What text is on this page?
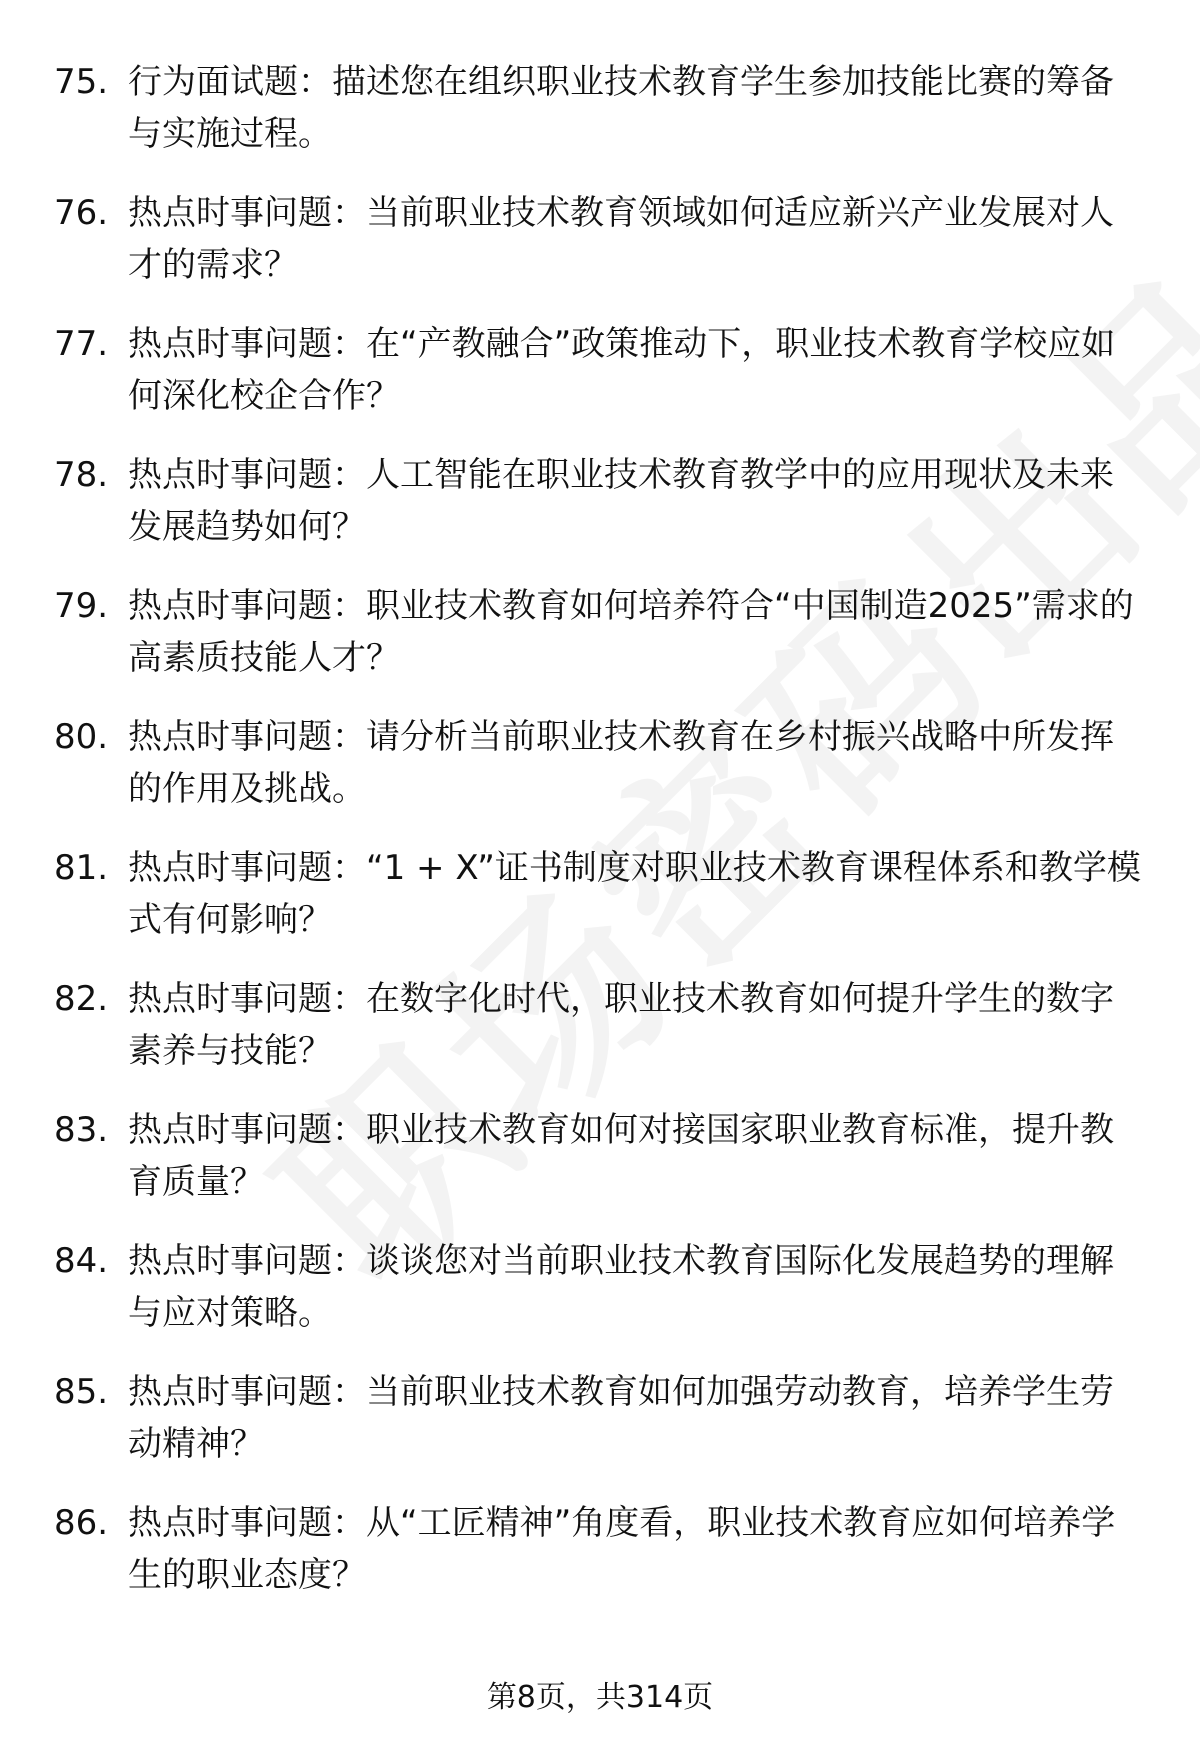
75. 行为面试题：描述您在组织职业技术教育学生参加技能比赛的筹备与实施过程。
76. 热点时事问题：当前职业技术教育领域如何适应新兴产业发展对人才的需求？
77. 热点时事问题：在“产教融合”政策推动下，职业技术教育学校应如何深化校企合作？
78. 热点时事问题：人工智能在职业技术教育教学中的应用现状及未来发展趋势如何？
79. 热点时事问题：职业技术教育如何培养符合“中国制造2025”需求的高素质技能人才？
80. 热点时事问题：请分析当前职业技术教育在乡村振兴战略中所发挥的作用及挑战。
81. 热点时事问题：“1 + X”证书制度对职业技术教育课程体系和教学模式有何影响？
82. 热点时事问题：在数字化时代，职业技术教育如何提升学生的数字素养与技能？
83. 热点时事问题：职业技术教育如何对接国家职业教育标准，提升教育质量？
84. 热点时事问题：谈谈您对当前职业技术教育国际化发展趋势的理解与应对策略。
85. 热点时事问题：当前职业技术教育如何加强劳动教育，培养学生劳动精神？
86. 热点时事问题：从“工匠精神”角度看，职业技术教育应如何培养学生的职业态度？
第8页，共314页
